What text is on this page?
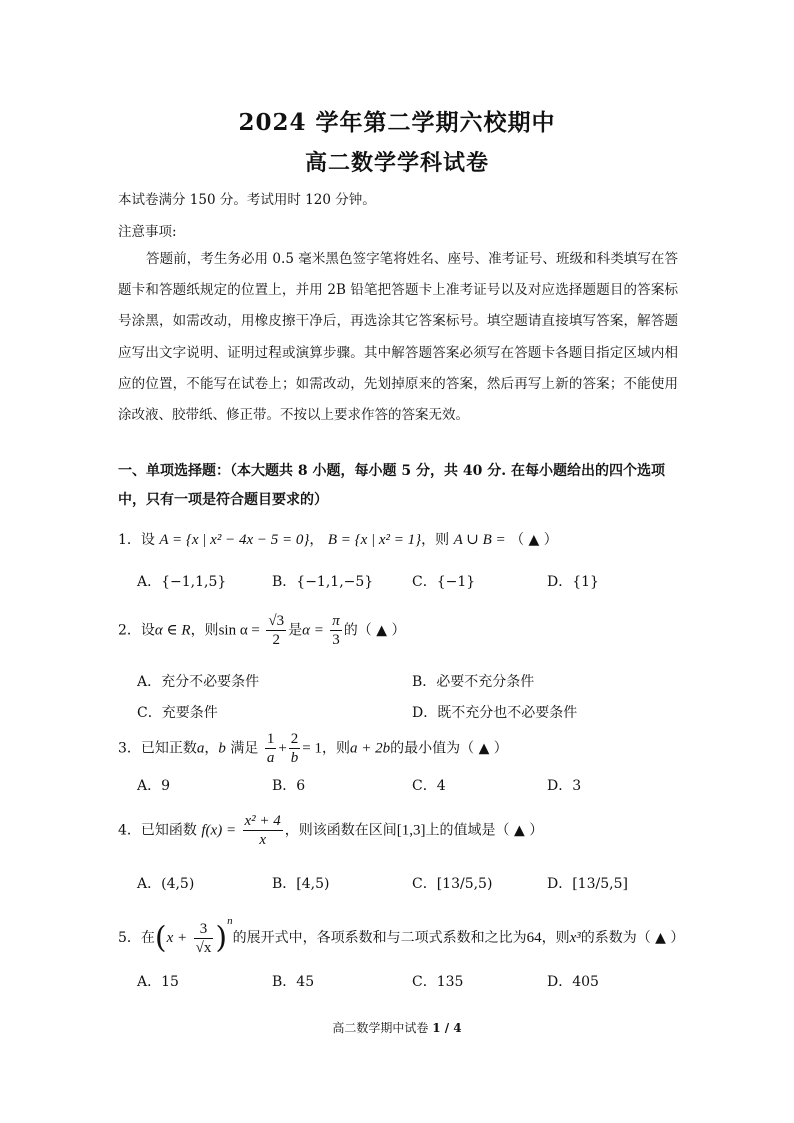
2024 学年第二学期六校期中
高二数学学科试卷
本试卷满分 150 分。考试用时 120 分钟。
注意事项:
答题前，考生务必用 0.5 毫米黑色签字笔将姓名、座号、准考证号、班级和科类填写在答题卡和答题纸规定的位置上，并用 2B 铅笔把答题卡上准考证号以及对应选择题题目的答案标号涂黑，如需改动，用橡皮擦干净后，再选涂其它答案标号。填空题请直接填写答案，解答题应写出文字说明、证明过程或演算步骤。其中解答题答案必须写在答题卡各题目指定区域内相应的位置，不能写在试卷上；如需改动，先划掉原来的答案，然后再写上新的答案；不能使用涂改液、胶带纸、修正带。不按以上要求作答的答案无效。
一、单项选择题：（本大题共 8 小题，每小题 5 分，共 40 分. 在每小题给出的四个选项中，只有一项是符合题目要求的）
1．设 A = {x | x² − 4x − 5 = 0}， B = {x | x² = 1}，则 A ∪ B = （ ▲ ）
A．{−1,1,5}	B．{−1,1,−5}	C．{−1}	D．{1}
2．设α ∈ R，则$\sin \alpha = \frac{√3}{2}$ 是$\alpha = \frac{\pi}{3}$ 的（ ▲ ）
A．充分不必要条件	B．必要不充分条件
C．充要条件	D．既不充分也不必要条件
3．已知正数a，b 满足 $\frac{1}{a} + \frac{2}{b} = 1$，则a + 2b的最小值为（ ▲ ）
A．9	B．6	C．4	D．3
4．已知函数 $f(x) = \frac{\text{x² + 4}}{x}$ ，则该函数在区间[1,3]上的值域是（ ▲ ）
A．(4,5)	B．[4,5)	C．[13/5,5)	D．[13/5,5]
5．在$(x + \frac{3}{√x} )^n$的展开式中，各项系数和与二项式系数和之比为64，则x³的系数为（ ▲ ）
A．15	B．45	C．135	D．405
高二数学期中试卷 1 / 4
